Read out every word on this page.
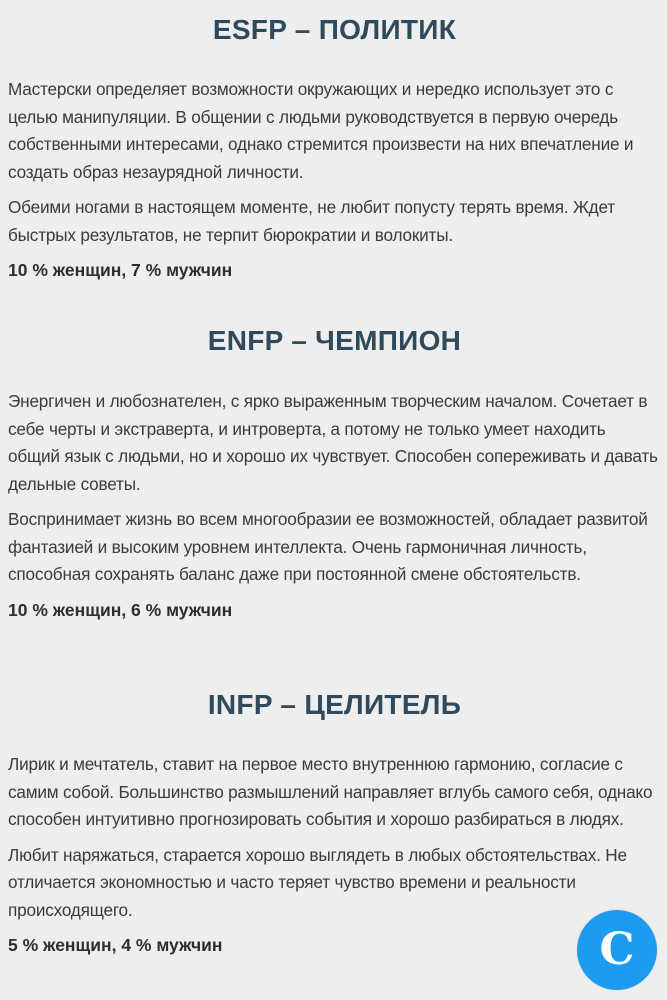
ESFP – ПОЛИТИК

Мастерски определяет возможности окружающих и нередко использует это с целью манипуляции. В общении с людьми руководствуется в первую очередь собственными интересами, однако стремится произвести на них впечатление и создать образ незаурядной личности.

Обеими ногами в настоящем моменте, не любит попусту терять время. Ждет быстрых результатов, не терпит бюрократии и волокиты.

10 % женщин, 7 % мужчин

ENFP – ЧЕМПИОН

Энергичен и любознателен, с ярко выраженным творческим началом. Сочетает в себе черты и экстраверта, и интроверта, а потому не только умеет находить общий язык с людьми, но и хорошо их чувствует. Способен сопереживать и давать дельные советы.

Воспринимает жизнь во всем многообразии ее возможностей, обладает развитой фантазией и высоким уровнем интеллекта. Очень гармоничная личность, способная сохранять баланс даже при постоянной смене обстоятельств.

10 % женщин, 6 % мужчин

INFP – ЦЕЛИТЕЛЬ

Лирик и мечтатель, ставит на первое место внутреннюю гармонию, согласие с самим собой. Большинство размышлений направляет вглубь самого себя, однако способен интуитивно прогнозировать события и хорошо разбираться в людях.

Любит наряжаться, старается хорошо выглядеть в любых обстоятельствах. Не отличается экономностью и часто теряет чувство времени и реальности происходящего.

5 % женщин, 4 % мужчин	C
